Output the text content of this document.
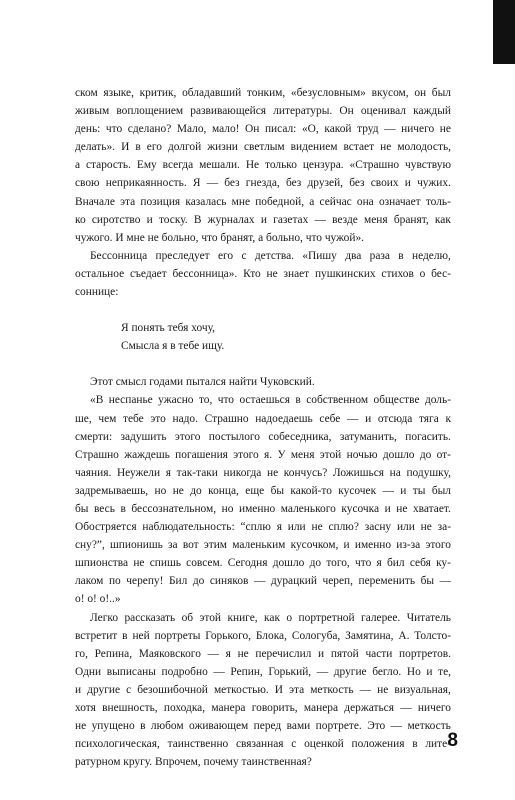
ском языке, критик, обладавший тонким, «безусловным» вкусом, он был
живым воплощением развивающейся литературы. Он оценивал каждый
день: что сделано? Мало, мало! Он писал: «О, какой труд — ничего не
делать». И в его долгой жизни светлым видением встает не молодость,
а старость. Ему всегда мешали. Не только цензура. «Страшно чувствую
свою неприкаянность. Я — без гнезда, без друзей, без своих и чужих.
Вначале эта позиция казалась мне победной, а сейчас она означает толь-
ко сиротство и тоску. В журналах и газетах — везде меня бранят, как
чужого. И мне не больно, что бранят, а больно, что чужой».
Бессонница преследует его с детства. «Пишу два раза в неделю,
остальное съедает бессонница». Кто не знает пушкинских стихов о бес-
соннице:
Я понять тебя хочу,
Смысла я в тебе ищу.
Этот смысл годами пытался найти Чуковский.
«В неспанье ужасно то, что остаешься в собственном обществе доль-
ше, чем тебе это надо. Страшно надоедаешь себе — и отсюда тяга к
смерти: задушить этого постылого собеседника, затуманить, погасить.
Страшно жаждешь погашения этого я. У меня этой ночью дошло до от-
чаяния. Неужели я так-таки никогда не кончусь? Ложишься на подушку,
задремываешь, но не до конца, еще бы какой-то кусочек — и ты был
бы весь в бессознательном, но именно маленького кусочка и не хватает.
Обостряется наблюдательность: “сплю я или не сплю? засну или не за-
сну?”, шпионишь за вот этим маленьким кусочком, и именно из-за этого
шпионства не спишь совсем. Сегодня дошло до того, что я бил себя ку-
лаком по черепу! Бил до синяков — дурацкий череп, переменить бы —
о! о! о!..»
Легко рассказать об этой книге, как о портретной галерее. Читатель
встретит в ней портреты Горького, Блока, Сологуба, Замятина, А. Толсто-
го, Репина, Маяковского — я не перечислил и пятой части портретов.
Одни выписаны подробно — Репин, Горький, — другие бегло. Но и те,
и другие с безошибочной меткостью. И эта меткость — не визуальная,
хотя внешность, походка, манера говорить, манера держаться — ничего
не упущено в любом оживающем перед вами портрете. Это — меткость
психологическая, таинственно связанная с оценкой положения в лите-
ратурном кругу. Впрочем, почему таинственная?
8
